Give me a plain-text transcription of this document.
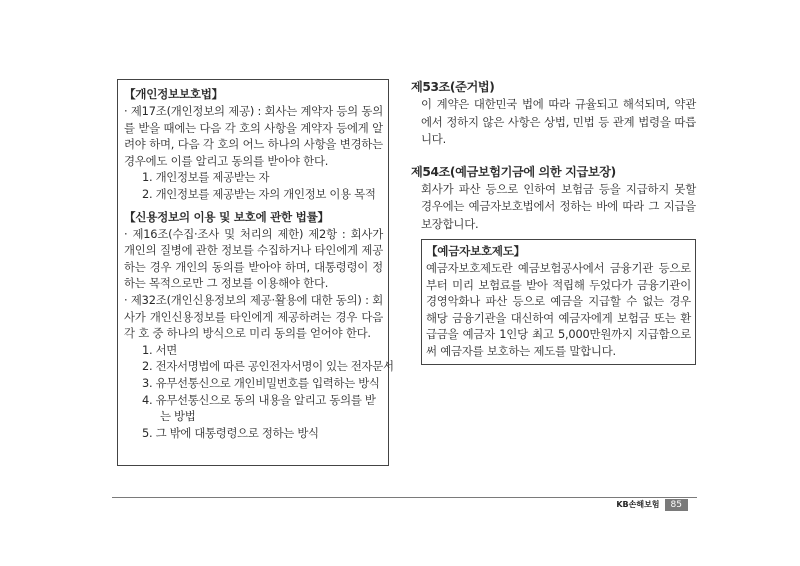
【개인정보보호법】

· 제17조(개인정보의 제공) : 회사는 계약자 등의 동의를 받을 때에는 다음 각 호의 사항을 계약자 등에게 알려야 하며, 다음 각 호의 어느 하나의 사항을 변경하는 경우에도 이를 알리고 동의를 받아야 한다.

1. 개인정보를 제공받는 자

2. 개인정보를 제공받는 자의 개인정보 이용 목적

【신용정보의 이용 및 보호에 관한 법률】

· 제16조(수집·조사 및 처리의 제한) 제2항 : 회사가 개인의 질병에 관한 정보를 수집하거나 타인에게 제공하는 경우 개인의 동의를 받아야 하며, 대통령령이 정하는 목적으로만 그 정보를 이용해야 한다.

· 제32조(개인신용정보의 제공·활용에 대한 동의) : 회사가 개인신용정보를 타인에게 제공하려는 경우 다음 각 호 중 하나의 방식으로 미리 동의를 얻어야 한다.

1. 서면

2. 전자서명법에 따른 공인전자서명이 있는 전자문서

3. 유무선통신으로 개인비밀번호를 입력하는 방식

4. 유무선통신으로 동의 내용을 알리고 동의를 받는 방법

5. 그 밖에 대통령령으로 정하는 방식

제53조(준거법)

이 계약은 대한민국 법에 따라 규율되고 해석되며, 약관에서 정하지 않은 사항은 상법, 민법 등 관계 법령을 따릅니다.

제54조(예금보험기금에 의한 지급보장)

회사가 파산 등으로 인하여 보험금 등을 지급하지 못할 경우에는 예금자보호법에서 정하는 바에 따라 그 지급을 보장합니다.

【예금자보호제도】

예금자보호제도란 예금보험공사에서 금융기관 등으로부터 미리 보험료를 받아 적립해 두었다가 금융기관이 경영악화나 파산 등으로 예금을 지급할 수 없는 경우 해당 금융기관을 대신하여 예금자에게 보험금 또는 환급금을 예금자 1인당 최고 5,000만원까지 지급함으로써 예금자를 보호하는 제도를 말합니다.

KB손해보험	85
